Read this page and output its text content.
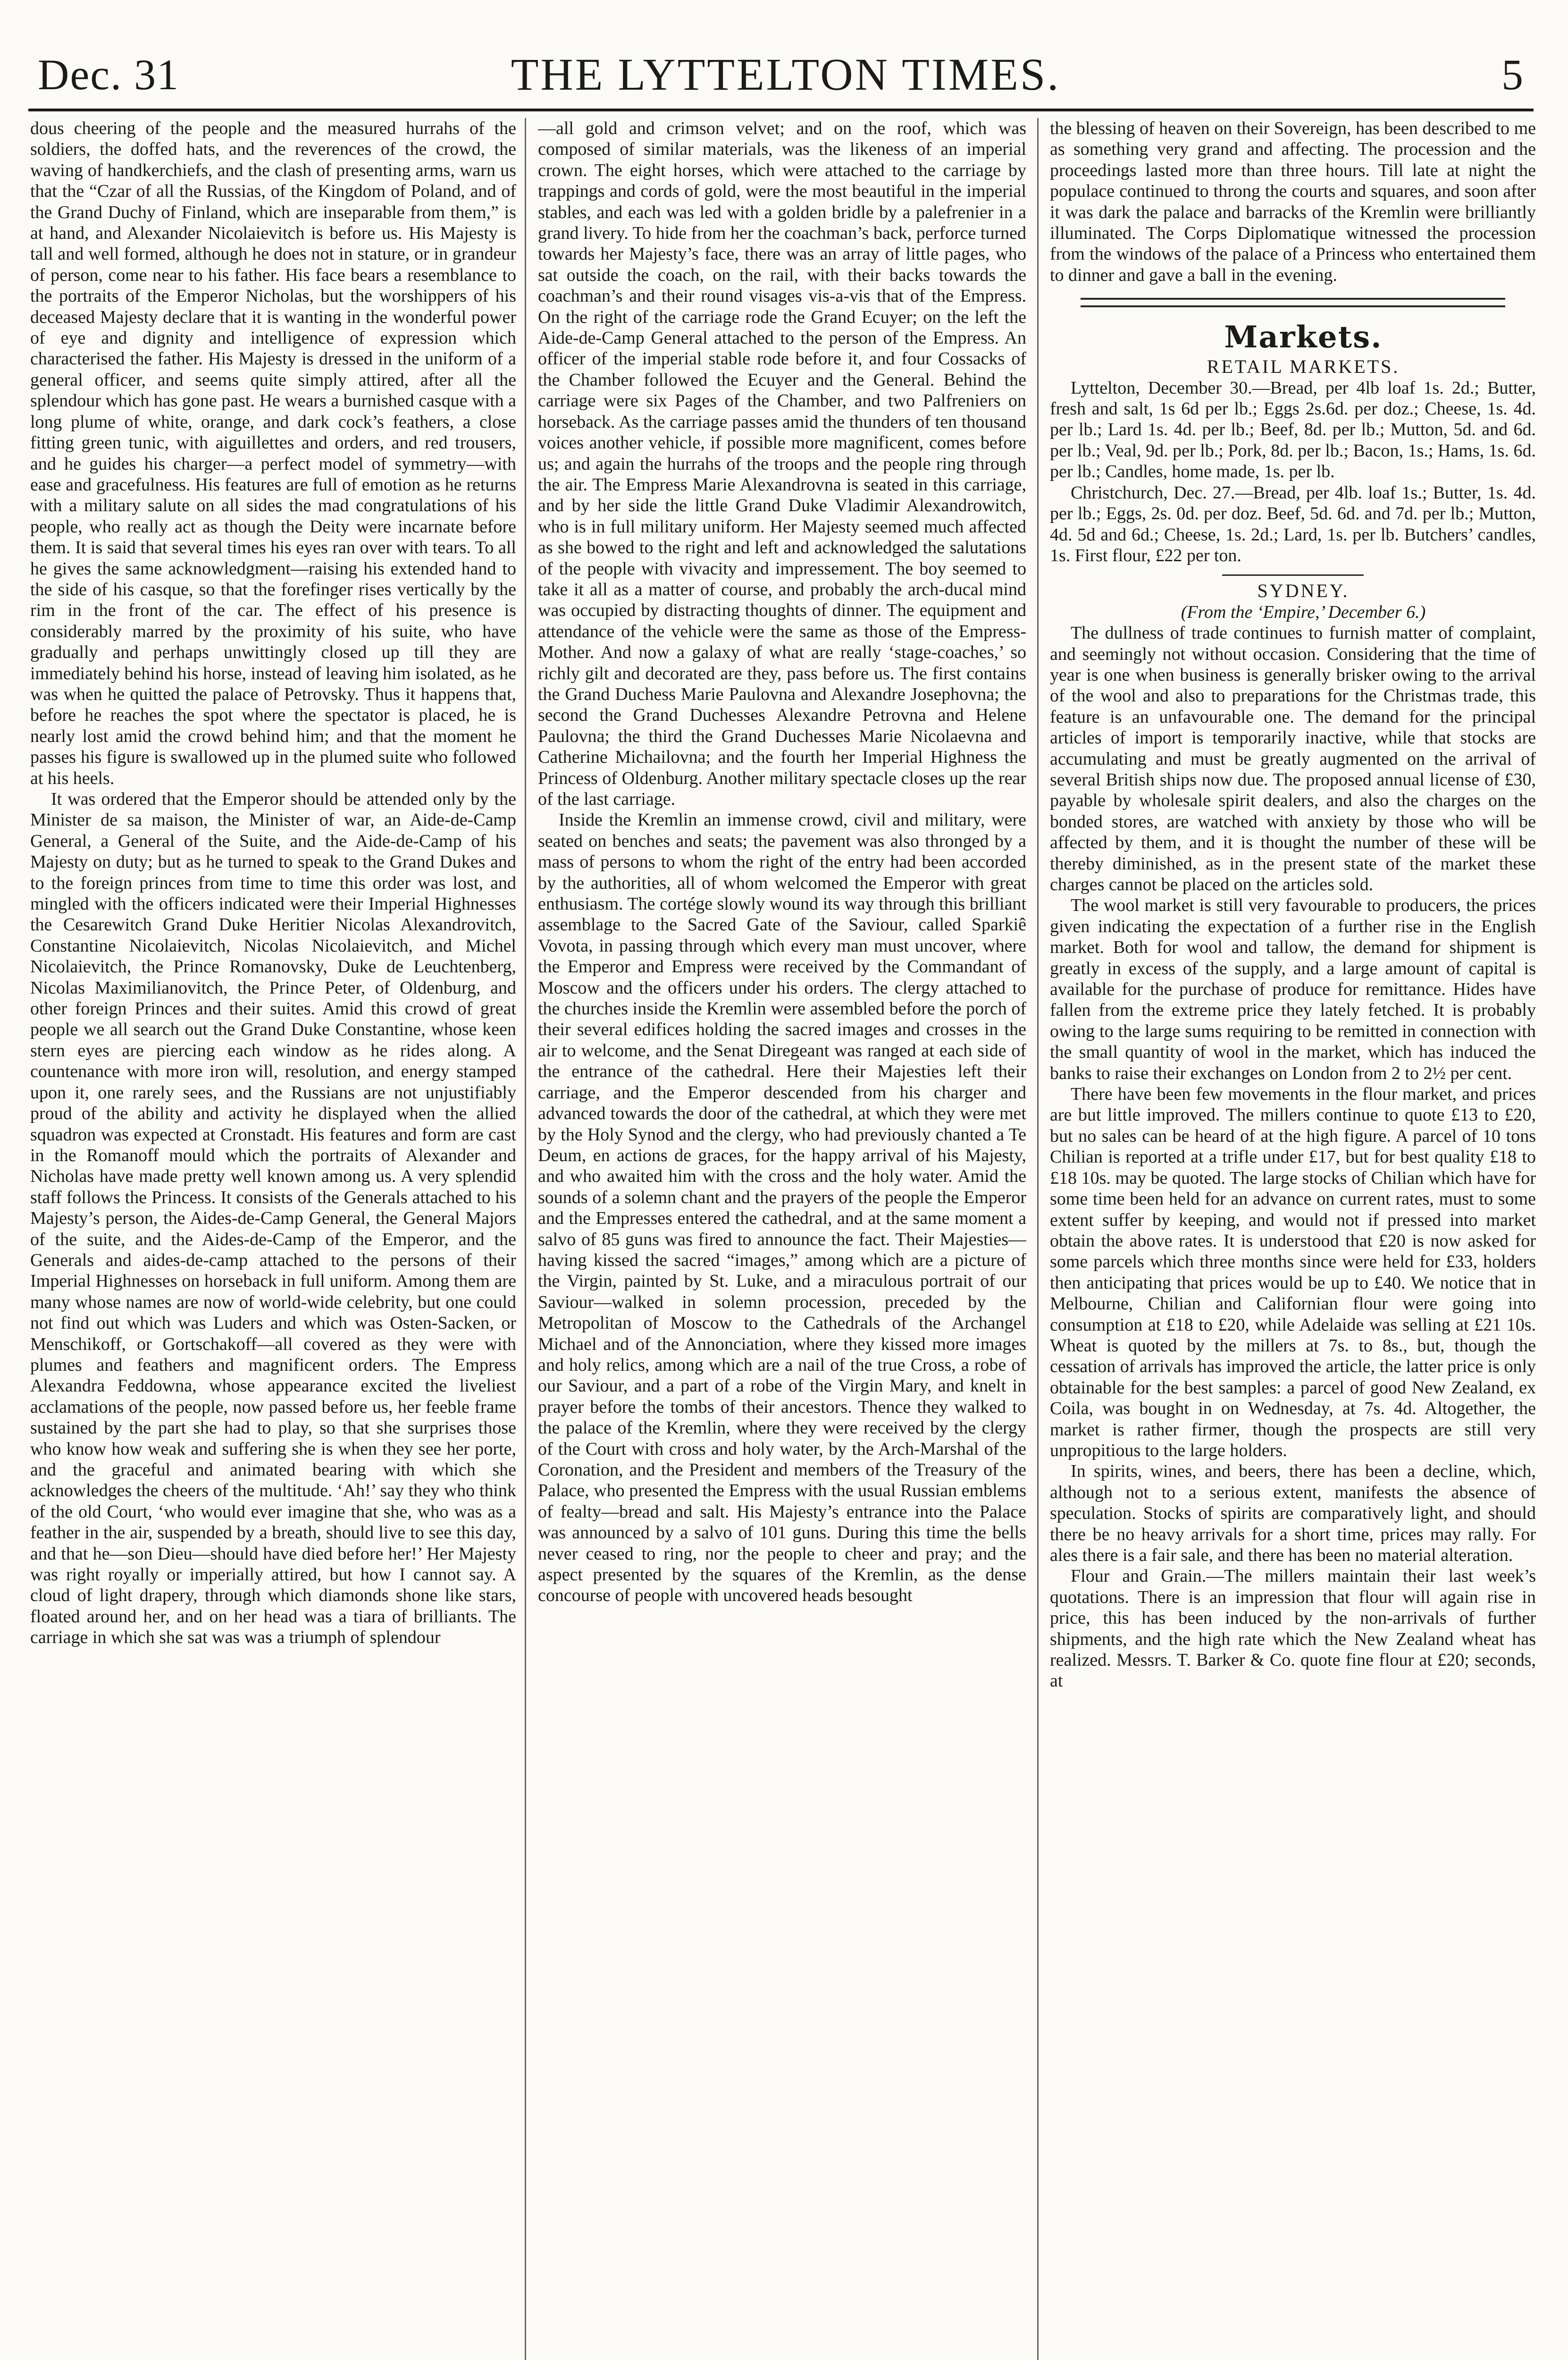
Dec. 31	THE LYTTELTON TIMES.	5

dous cheering of the people and the measured hurrahs of the soldiers, the doffed hats, and the reverences of the crowd, the waving of handkerchiefs, and the clash of presenting arms, warn us that the “Czar of all the Russias, of the Kingdom of Poland, and of the Grand Duchy of Finland, which are inseparable from them,” is at hand, and Alexander Nicolaievitch is before us. His Majesty is tall and well formed, although he does not in stature, or in grandeur of person, come near to his father. His face bears a resemblance to the portraits of the Emperor Nicholas, but the worshippers of his deceased Majesty declare that it is wanting in the wonderful power of eye and dignity and intelligence of expression which characterised the father. His Majesty is dressed in the uniform of a general officer, and seems quite simply attired, after all the splendour which has gone past. He wears a burnished casque with a long plume of white, orange, and dark cock’s feathers, a close fitting green tunic, with aiguillettes and orders, and red trousers, and he guides his charger—a perfect model of symmetry—with ease and gracefulness. His features are full of emotion as he returns with a military salute on all sides the mad congratulations of his people, who really act as though the Deity were incarnate before them. It is said that several times his eyes ran over with tears. To all he gives the same acknowledgment—raising his extended hand to the side of his casque, so that the forefinger rises vertically by the rim in the front of the car. The effect of his presence is considerably marred by the proximity of his suite, who have gradually and perhaps unwittingly closed up till they are immediately behind his horse, instead of leaving him isolated, as he was when he quitted the palace of Petrovsky. Thus it happens that, before he reaches the spot where the spectator is placed, he is nearly lost amid the crowd behind him; and that the moment he passes his figure is swallowed up in the plumed suite who followed at his heels.

It was ordered that the Emperor should be attended only by the Minister de sa maison, the Minister of war, an Aide-de-Camp General, a General of the Suite, and the Aide-de-Camp of his Majesty on duty; but as he turned to speak to the Grand Dukes and to the foreign princes from time to time this order was lost, and mingled with the officers indicated were their Imperial Highnesses the Cesarewitch Grand Duke Heritier Nicolas Alexandrovitch, Constantine Nicolaievitch, Nicolas Nicolaievitch, and Michel Nicolaievitch, the Prince Romanovsky, Duke de Leuchtenberg, Nicolas Maximilianovitch, the Prince Peter, of Oldenburg, and other foreign Princes and their suites. Amid this crowd of great people we all search out the Grand Duke Constantine, whose keen stern eyes are piercing each window as he rides along. A countenance with more iron will, resolution, and energy stamped upon it, one rarely sees, and the Russians are not unjustifiably proud of the ability and activity he displayed when the allied squadron was expected at Cronstadt. His features and form are cast in the Romanoff mould which the portraits of Alexander and Nicholas have made pretty well known among us. A very splendid staff follows the Princess. It consists of the Generals attached to his Majesty’s person, the Aides-de-Camp General, the General Majors of the suite, and the Aides-de-Camp of the Emperor, and the Generals and aides-de-camp attached to the persons of their Imperial Highnesses on horseback in full uniform. Among them are many whose names are now of world-wide celebrity, but one could not find out which was Luders and which was Osten-Sacken, or Menschikoff, or Gortschakoff—all covered as they were with plumes and feathers and magnificent orders. The Empress Alexandra Feddowna, whose appearance excited the liveliest acclamations of the people, now passed before us, her feeble frame sustained by the part she had to play, so that she surprises those who know how weak and suffering she is when they see her porte, and the graceful and animated bearing with which she acknowledges the cheers of the multitude. ‘Ah!’ say they who think of the old Court, ‘who would ever imagine that she, who was as a feather in the air, suspended by a breath, should live to see this day, and that he—son Dieu—should have died before her!’ Her Majesty was right royally or imperially attired, but how I cannot say. A cloud of light drapery, through which diamonds shone like stars, floated around her, and on her head was a tiara of brilliants. The carriage in which she sat was was a triumph of splendour

—all gold and crimson velvet; and on the roof, which was composed of similar materials, was the likeness of an imperial crown. The eight horses, which were attached to the carriage by trappings and cords of gold, were the most beautiful in the imperial stables, and each was led with a golden bridle by a palefrenier in a grand livery. To hide from her the coachman’s back, perforce turned towards her Majesty’s face, there was an array of little pages, who sat outside the coach, on the rail, with their backs towards the coachman’s and their round visages vis-a-vis that of the Empress. On the right of the carriage rode the Grand Ecuyer; on the left the Aide-de-Camp General attached to the person of the Empress. An officer of the imperial stable rode before it, and four Cossacks of the Chamber followed the Ecuyer and the General. Behind the carriage were six Pages of the Chamber, and two Palfreniers on horseback. As the carriage passes amid the thunders of ten thousand voices another vehicle, if possible more magnificent, comes before us; and again the hurrahs of the troops and the people ring through the air. The Empress Marie Alexandrovna is seated in this carriage, and by her side the little Grand Duke Vladimir Alexandrowitch, who is in full military uniform. Her Majesty seemed much affected as she bowed to the right and left and acknowledged the salutations of the people with vivacity and impressement. The boy seemed to take it all as a matter of course, and probably the arch-ducal mind was occupied by distracting thoughts of dinner. The equipment and attendance of the vehicle were the same as those of the Empress-Mother. And now a galaxy of what are really ‘stage-coaches,’ so richly gilt and decorated are they, pass before us. The first contains the Grand Duchess Marie Paulovna and Alexandre Josephovna; the second the Grand Duchesses Alexandre Petrovna and Helene Paulovna; the third the Grand Duchesses Marie Nicolaevna and Catherine Michailovna; and the fourth her Imperial Highness the Princess of Oldenburg. Another military spectacle closes up the rear of the last carriage.

Inside the Kremlin an immense crowd, civil and military, were seated on benches and seats; the pavement was also thronged by a mass of persons to whom the right of the entry had been accorded by the authorities, all of whom welcomed the Emperor with great enthusiasm. The cortége slowly wound its way through this brilliant assemblage to the Sacred Gate of the Saviour, called Sparkiê Vovota, in passing through which every man must uncover, where the Emperor and Empress were received by the Commandant of Moscow and the officers under his orders. The clergy attached to the churches inside the Kremlin were assembled before the porch of their several edifices holding the sacred images and crosses in the air to welcome, and the Senat Diregeant was ranged at each side of the entrance of the cathedral. Here their Majesties left their carriage, and the Emperor descended from his charger and advanced towards the door of the cathedral, at which they were met by the Holy Synod and the clergy, who had previously chanted a Te Deum, en actions de graces, for the happy arrival of his Majesty, and who awaited him with the cross and the holy water. Amid the sounds of a solemn chant and the prayers of the people the Emperor and the Empresses entered the cathedral, and at the same moment a salvo of 85 guns was fired to announce the fact. Their Majesties—having kissed the sacred “images,” among which are a picture of the Virgin, painted by St. Luke, and a miraculous portrait of our Saviour—walked in solemn procession, preceded by the Metropolitan of Moscow to the Cathedrals of the Archangel Michael and of the Annonciation, where they kissed more images and holy relics, among which are a nail of the true Cross, a robe of our Saviour, and a part of a robe of the Virgin Mary, and knelt in prayer before the tombs of their ancestors. Thence they walked to the palace of the Kremlin, where they were received by the clergy of the Court with cross and holy water, by the Arch-Marshal of the Coronation, and the President and members of the Treasury of the Palace, who presented the Empress with the usual Russian emblems of fealty—bread and salt. His Majesty’s entrance into the Palace was announced by a salvo of 101 guns. During this time the bells never ceased to ring, nor the people to cheer and pray; and the aspect presented by the squares of the Kremlin, as the dense concourse of people with uncovered heads besought

the blessing of heaven on their Sovereign, has been described to me as something very grand and affecting. The procession and the proceedings lasted more than three hours. Till late at night the populace continued to throng the courts and squares, and soon after it was dark the palace and barracks of the Kremlin were brilliantly illuminated. The Corps Diplomatique witnessed the procession from the windows of the palace of a Princess who entertained them to dinner and gave a ball in the evening.

Markets.

RETAIL MARKETS.

Lyttelton, December 30.—Bread, per 4lb loaf 1s. 2d.; Butter, fresh and salt, 1s 6d per lb.; Eggs 2s.6d. per doz.; Cheese, 1s. 4d. per lb.; Lard 1s. 4d. per lb.; Beef, 8d. per lb.; Mutton, 5d. and 6d. per lb.; Veal, 9d. per lb.; Pork, 8d. per lb.; Bacon, 1s.; Hams, 1s. 6d. per lb.; Candles, home made, 1s. per lb.

Christchurch, Dec. 27.—Bread, per 4lb. loaf 1s.; Butter, 1s. 4d. per lb.; Eggs, 2s. 0d. per doz. Beef, 5d. 6d. and 7d. per lb.; Mutton, 4d. 5d and 6d.; Cheese, 1s. 2d.; Lard, 1s. per lb. Butchers’ candles, 1s. First flour, £22 per ton.

SYDNEY.

(From the ‘Empire,’ December 6.)

The dullness of trade continues to furnish matter of complaint, and seemingly not without occasion. Considering that the time of year is one when business is generally brisker owing to the arrival of the wool and also to preparations for the Christmas trade, this feature is an unfavourable one. The demand for the principal articles of import is temporarily inactive, while that stocks are accumulating and must be greatly augmented on the arrival of several British ships now due. The proposed annual license of £30, payable by wholesale spirit dealers, and also the charges on the bonded stores, are watched with anxiety by those who will be affected by them, and it is thought the number of these will be thereby diminished, as in the present state of the market these charges cannot be placed on the articles sold.

The wool market is still very favourable to producers, the prices given indicating the expectation of a further rise in the English market. Both for wool and tallow, the demand for shipment is greatly in excess of the supply, and a large amount of capital is available for the purchase of produce for remittance. Hides have fallen from the extreme price they lately fetched. It is probably owing to the large sums requiring to be remitted in connection with the small quantity of wool in the market, which has induced the banks to raise their exchanges on London from 2 to 2½ per cent.

There have been few movements in the flour market, and prices are but little improved. The millers continue to quote £13 to £20, but no sales can be heard of at the high figure. A parcel of 10 tons Chilian is reported at a trifle under £17, but for best quality £18 to £18 10s. may be quoted. The large stocks of Chilian which have for some time been held for an advance on current rates, must to some extent suffer by keeping, and would not if pressed into market obtain the above rates. It is understood that £20 is now asked for some parcels which three months since were held for £33, holders then anticipating that prices would be up to £40. We notice that in Melbourne, Chilian and Californian flour were going into consumption at £18 to £20, while Adelaide was selling at £21 10s. Wheat is quoted by the millers at 7s. to 8s., but, though the cessation of arrivals has improved the article, the latter price is only obtainable for the best samples: a parcel of good New Zealand, ex Coila, was bought in on Wednesday, at 7s. 4d. Altogether, the market is rather firmer, though the prospects are still very unpropitious to the large holders.

In spirits, wines, and beers, there has been a decline, which, although not to a serious extent, manifests the absence of speculation. Stocks of spirits are comparatively light, and should there be no heavy arrivals for a short time, prices may rally. For ales there is a fair sale, and there has been no material alteration.

Flour and Grain.—The millers maintain their last week’s quotations. There is an impression that flour will again rise in price, this has been induced by the non-arrivals of further shipments, and the high rate which the New Zealand wheat has realized. Messrs. T. Barker & Co. quote fine flour at £20; seconds, at
